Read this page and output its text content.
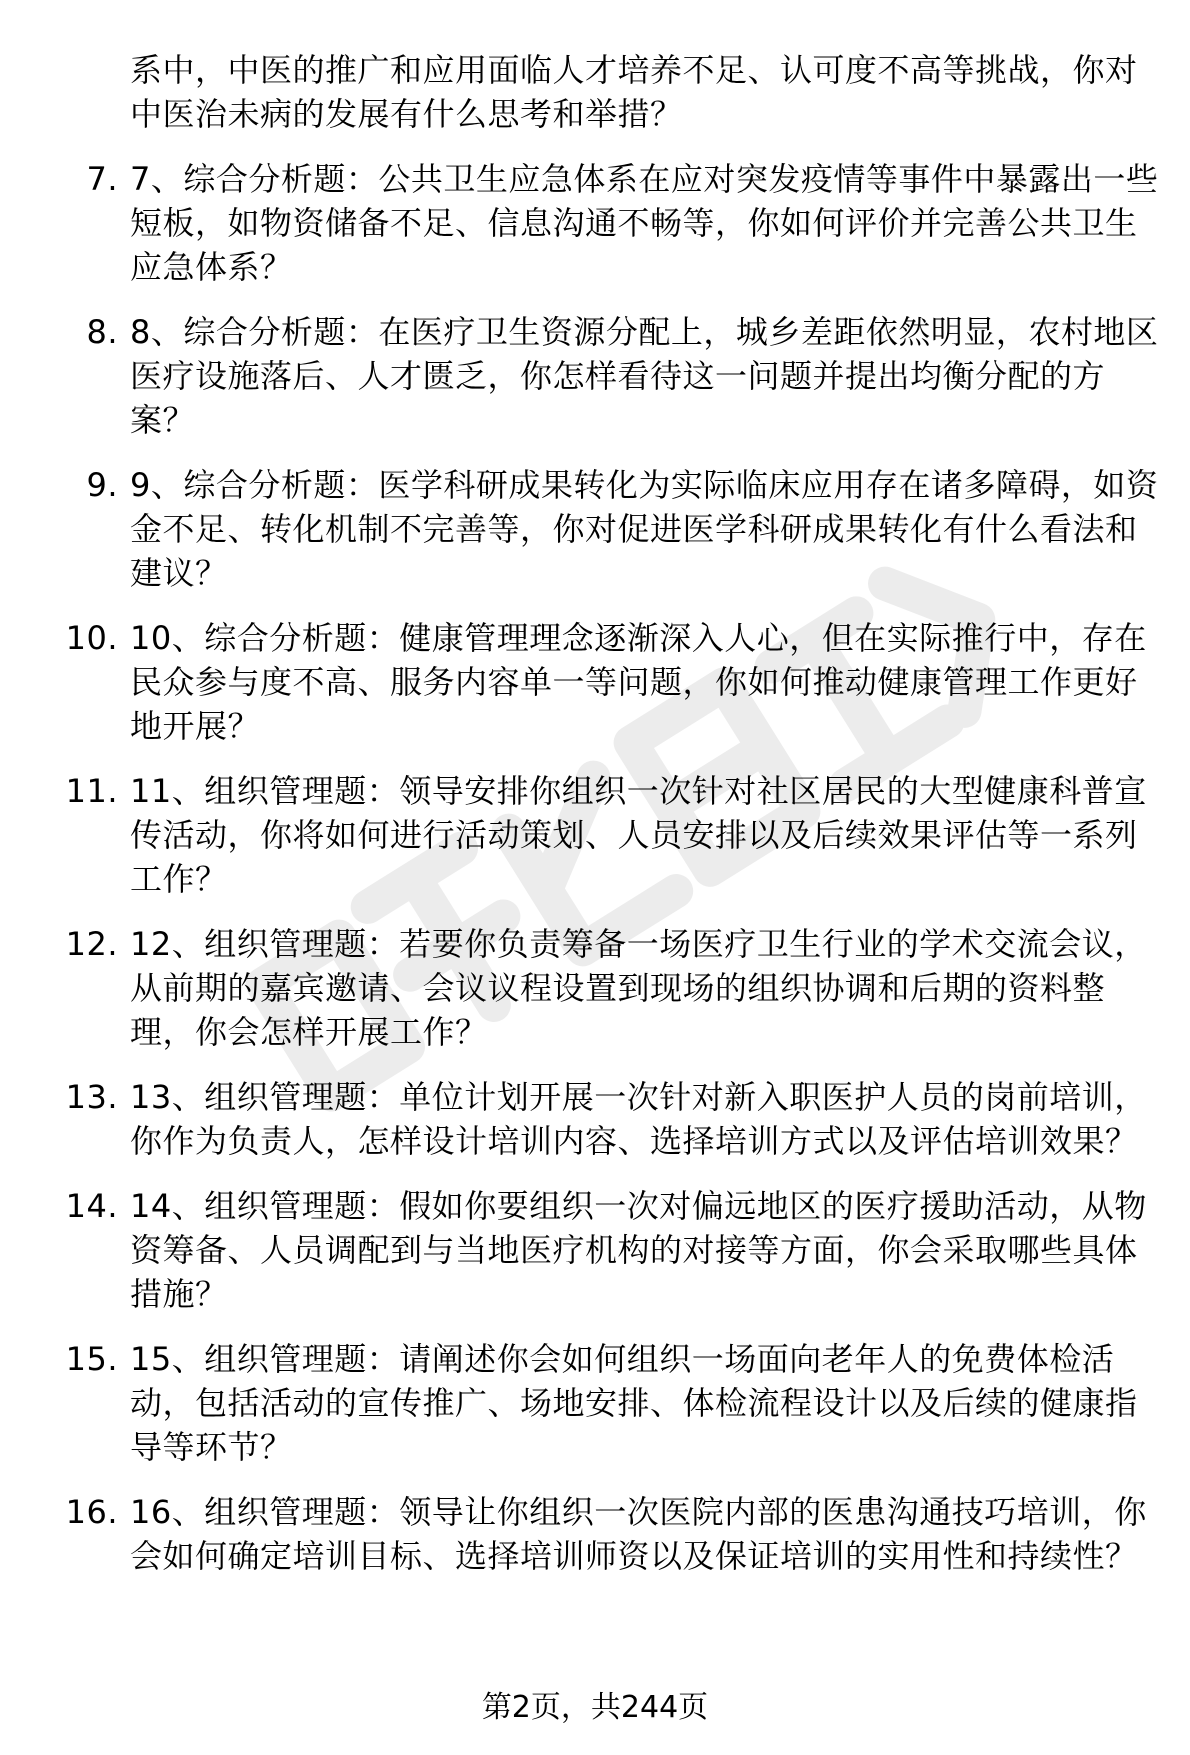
系中，中医的推广和应用面临人才培养不足、认可度不高等挑战，你对中医治未病的发展有什么思考和举措？
7. 7、综合分析题：公共卫生应急体系在应对突发疫情等事件中暴露出一些短板，如物资储备不足、信息沟通不畅等，你如何评价并完善公共卫生应急体系？
8. 8、综合分析题：在医疗卫生资源分配上，城乡差距依然明显，农村地区医疗设施落后、人才匮乏，你怎样看待这一问题并提出均衡分配的方案？
9. 9、综合分析题：医学科研成果转化为实际临床应用存在诸多障碍，如资金不足、转化机制不完善等，你对促进医学科研成果转化有什么看法和建议？
10. 10、综合分析题：健康管理理念逐渐深入人心，但在实际推行中，存在民众参与度不高、服务内容单一等问题，你如何推动健康管理工作更好地开展？
11. 11、组织管理题：领导安排你组织一次针对社区居民的大型健康科普宣传活动，你将如何进行活动策划、人员安排以及后续效果评估等一系列工作？
12. 12、组织管理题：若要你负责筹备一场医疗卫生行业的学术交流会议，从前期的嘉宾邀请、会议议程设置到现场的组织协调和后期的资料整理，你会怎样开展工作？
13. 13、组织管理题：单位计划开展一次针对新入职医护人员的岗前培训，你作为负责人，怎样设计培训内容、选择培训方式以及评估培训效果？
14. 14、组织管理题：假如你要组织一次对偏远地区的医疗援助活动，从物资筹备、人员调配到与当地医疗机构的对接等方面，你会采取哪些具体措施？
15. 15、组织管理题：请阐述你会如何组织一场面向老年人的免费体检活动，包括活动的宣传推广、场地安排、体检流程设计以及后续的健康指导等环节？
16. 16、组织管理题：领导让你组织一次医院内部的医患沟通技巧培训，你会如何确定培训目标、选择培训师资以及保证培训的实用性和持续性？
第2页，共244页
